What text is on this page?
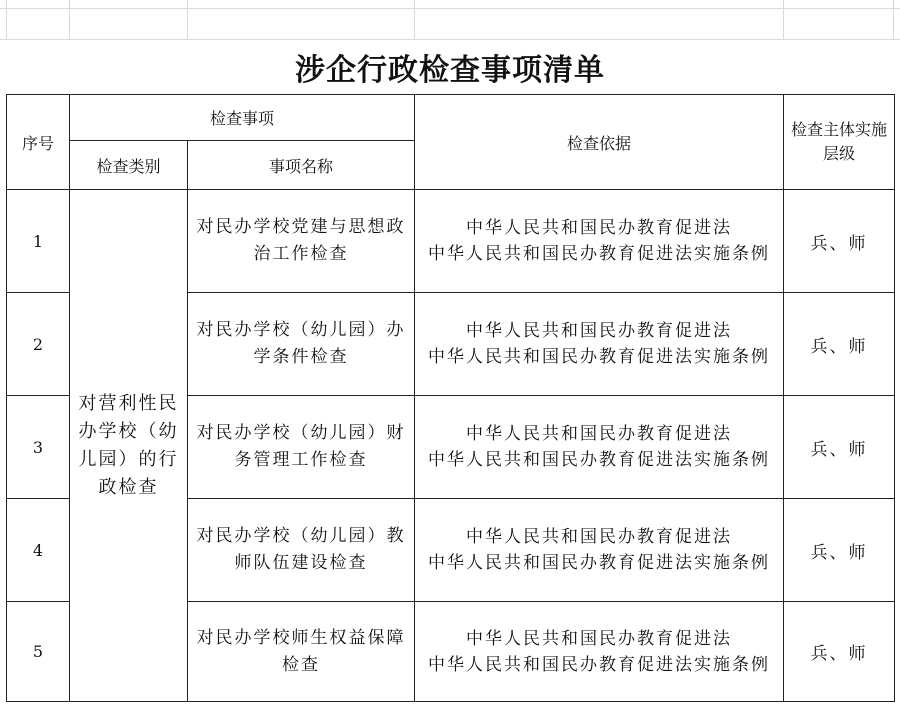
涉企行政检查事项清单
序号	检查事项		检查依据	检查主体实施层级
	检查类别	事项名称		
1	对营利性民办学校（幼儿园）的行政检查	对民办学校党建与思想政治工作检查	中华人民共和国民办教育促进法
中华人民共和国民办教育促进法实施条例	兵、师
2		对民办学校（幼儿园）办学条件检查	中华人民共和国民办教育促进法
中华人民共和国民办教育促进法实施条例	兵、师
3		对民办学校（幼儿园）财务管理工作检查	中华人民共和国民办教育促进法
中华人民共和国民办教育促进法实施条例	兵、师
4		对民办学校（幼儿园）教师队伍建设检查	中华人民共和国民办教育促进法
中华人民共和国民办教育促进法实施条例	兵、师
5		对民办学校师生权益保障检查	中华人民共和国民办教育促进法
中华人民共和国民办教育促进法实施条例	兵、师
